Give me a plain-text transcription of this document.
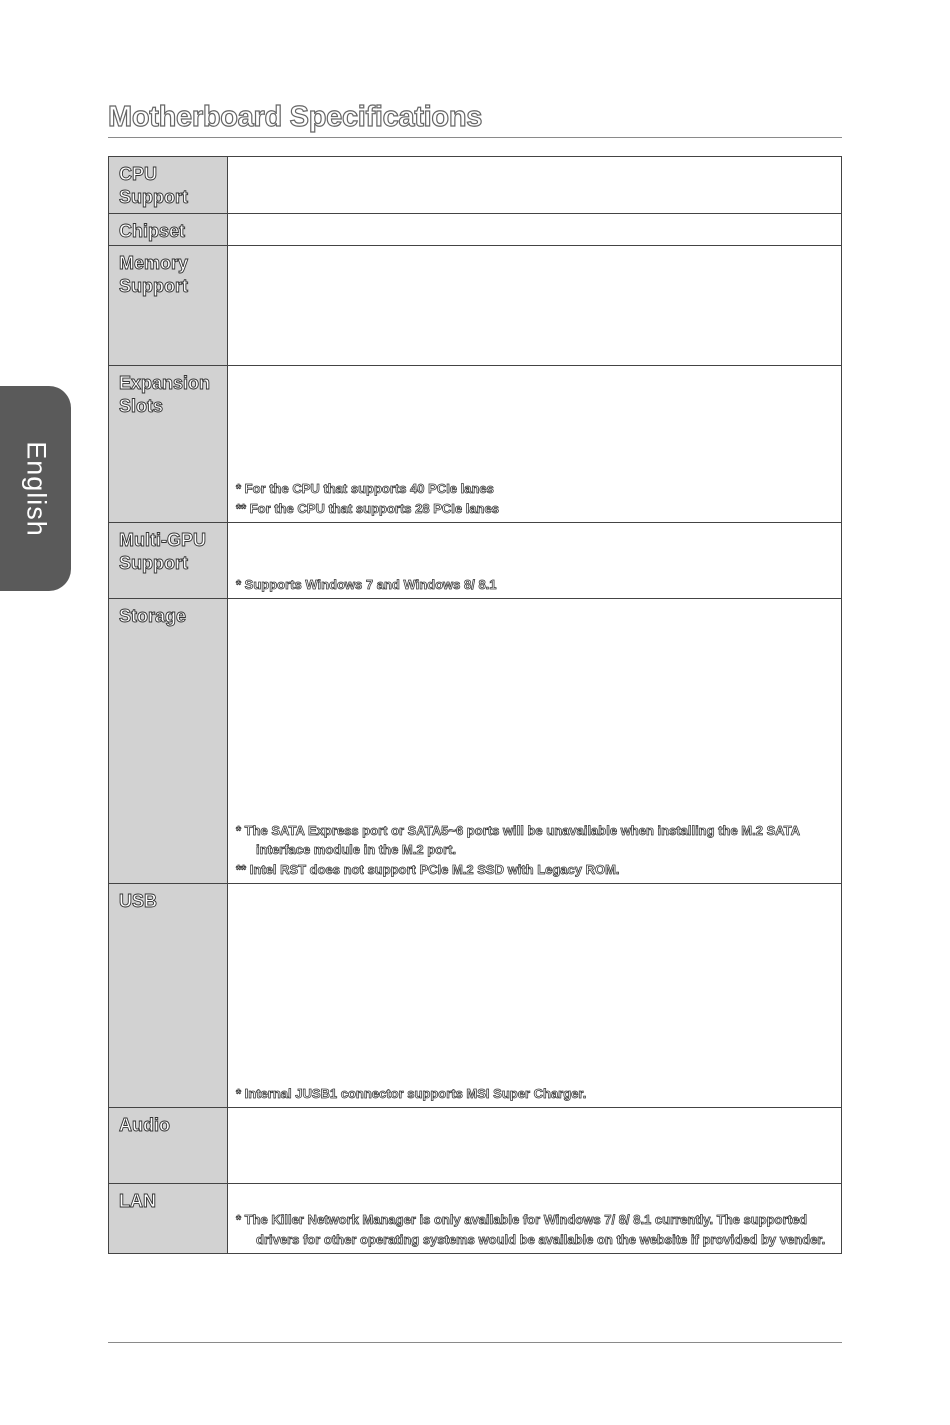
English
Motherboard Specifications
CPU Support	
Chipset	
Memory Support	
Expansion Slots	* For the CPU that supports 40 PCIe lanes

** For the CPU that supports 28 PCIe lanes

Multi-GPU Support	* Supports Windows 7 and Windows 8/ 8.1

Storage	* The SATA Express port or SATA5~6 ports will be unavailable when installing the M.2 SATA interface module in the M.2 port.

** Intel RST does not support PCIe M.2 SSD with Legacy ROM.

USB	* Internal JUSB1 connector supports MSI Super Charger.

Audio	
LAN	* The Killer Network Manager is only available for Windows 7/ 8/ 8.1 currently. The supported drivers for other operating systems would be available on the website if provided by vender.
